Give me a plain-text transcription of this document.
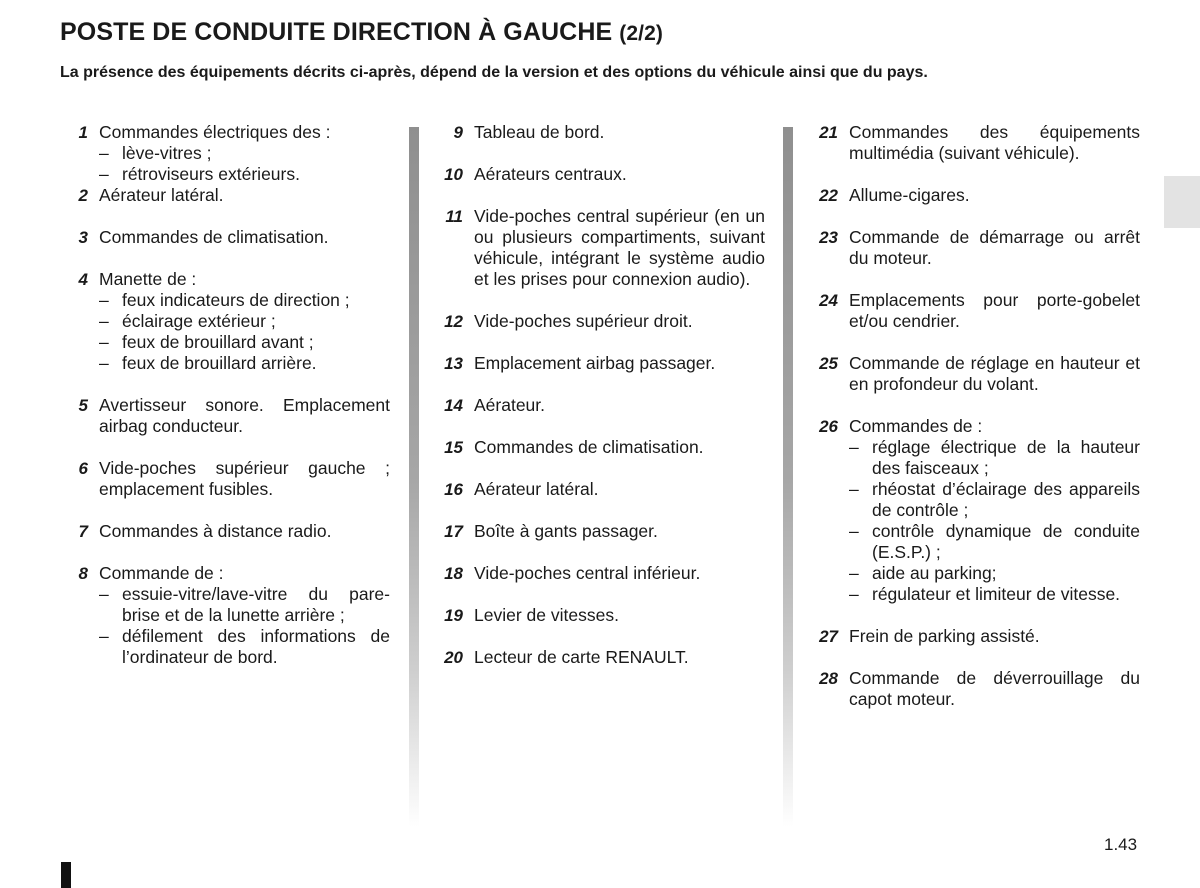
POSTE DE CONDUITE DIRECTION À GAUCHE (2/2)
La présence des équipements décrits ci-après, dépend de la version et des options du véhicule ainsi que du pays.
1 Commandes électriques des :
– lève-vitres ;
– rétroviseurs extérieurs.
2 Aérateur latéral.
3 Commandes de climatisation.
4 Manette de :
– feux indicateurs de direction ;
– éclairage extérieur ;
– feux de brouillard avant ;
– feux de brouillard arrière.
5 Avertisseur sonore. Emplacement airbag conducteur.
6 Vide-poches supérieur gauche ; emplacement fusibles.
7 Commandes à distance radio.
8 Commande de :
– essuie-vitre/lave-vitre du pare-brise et de la lunette arrière ;
– défilement des informations de l’ordinateur de bord.
9 Tableau de bord.
10 Aérateurs centraux.
11 Vide-poches central supérieur (en un ou plusieurs compartiments, suivant véhicule, intégrant le système audio et les prises pour connexion audio).
12 Vide-poches supérieur droit.
13 Emplacement airbag passager.
14 Aérateur.
15 Commandes de climatisation.
16 Aérateur latéral.
17 Boîte à gants passager.
18 Vide-poches central inférieur.
19 Levier de vitesses.
20 Lecteur de carte RENAULT.
21 Commandes des équipements multimédia (suivant véhicule).
22 Allume-cigares.
23 Commande de démarrage ou arrêt du moteur.
24 Emplacements pour porte-gobelet et/ou cendrier.
25 Commande de réglage en hauteur et en profondeur du volant.
26 Commandes de :
– réglage électrique de la hauteur des faisceaux ;
– rhéostat d’éclairage des appareils de contrôle ;
– contrôle dynamique de conduite (E.S.P.) ;
– aide au parking;
– régulateur et limiteur de vitesse.
27 Frein de parking assisté.
28 Commande de déverrouillage du capot moteur.
1.43
